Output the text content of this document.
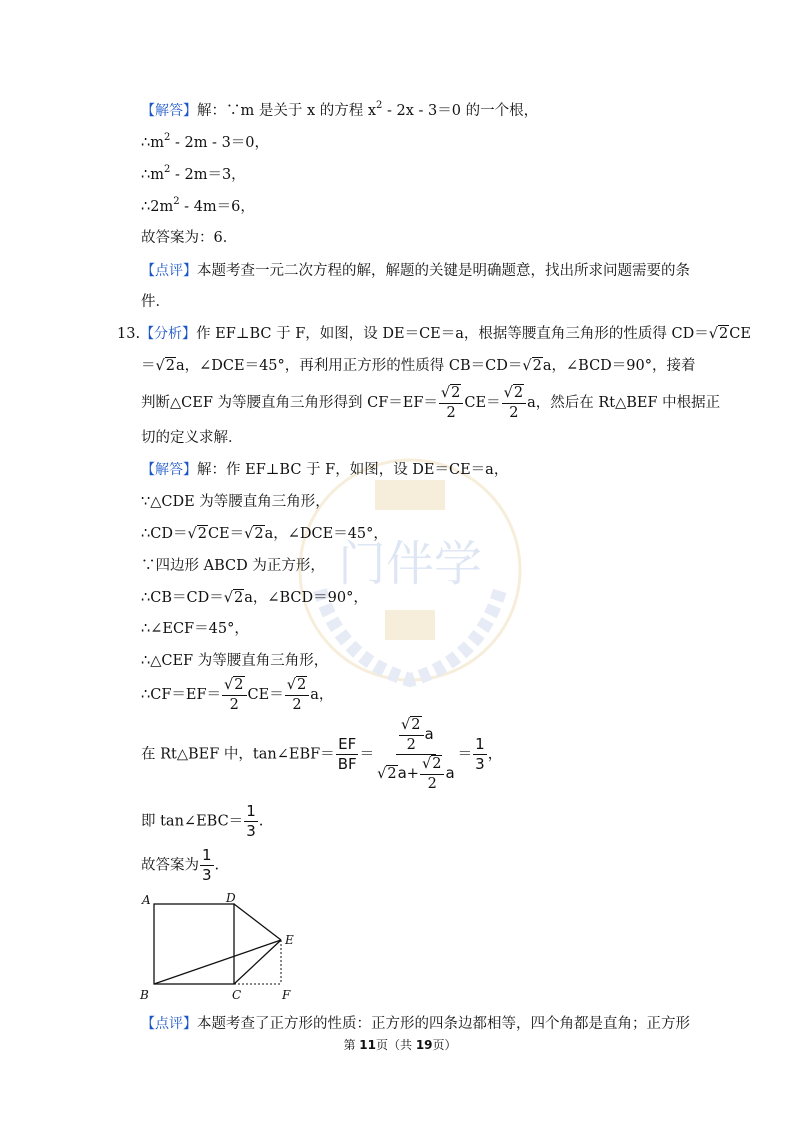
门伴学
【解答】解：∵m 是关于 x 的方程 $x^2 - 2x - 3=0$ 的一个根，
$\therefore m^2 - 2m - 3=0$，
$\therefore m^2 - 2m=3$，
$\therefore 2m^2 - 4m=6$，
故答案为：6．
【点评】本题考查一元二次方程的解，解题的关键是明确题意，找出所求问题需要的条
件．
13.【分析】作 EF⊥BC 于 F，如图，设 DE＝CE＝a，根据等腰直角三角形的性质得 CD＝√2CE
＝√2a，∠DCE＝45°，再利用正方形的性质得 CB＝CD＝√2a，∠BCD＝90°，接着
判断△CEF 为等腰直角三角形得到 $CF=EF= \frac{√2}{2} CE= \frac{√2}{2}$ a，然后在 Rt△BEF 中根据正
切的定义求解．
【解答】解：作 EF⊥BC 于 F，如图，设 DE＝CE＝a，
∵△CDE 为等腰直角三角形，
∴CD＝√2CE＝√2a，∠DCE＝45°，
∵四边形 ABCD 为正方形，
∴CB＝CD＝√2a，∠BCD＝90°，
∴∠ECF＝45°，
∴△CEF 为等腰直角三角形，
∴CF＝EF＝ $\frac{√2}{2} CE= \frac{√2}{2}$ a，
在 Rt△BEF 中，tan∠EBF＝ $\frac{EF}{BF} = \frac{\frac{√2}{2} a}{√2a+ \frac{√2}{2} a} = \frac{1}{3}$ ，
即 tan∠EBC＝ $\frac{1}{3}$ .
故答案为 $\frac{1}{3}$ .
A	D
E
B	C	F
【点评】本题考查了正方形的性质：正方形的四条边都相等，四个角都是直角；正方形
第 11页（共 19页）
